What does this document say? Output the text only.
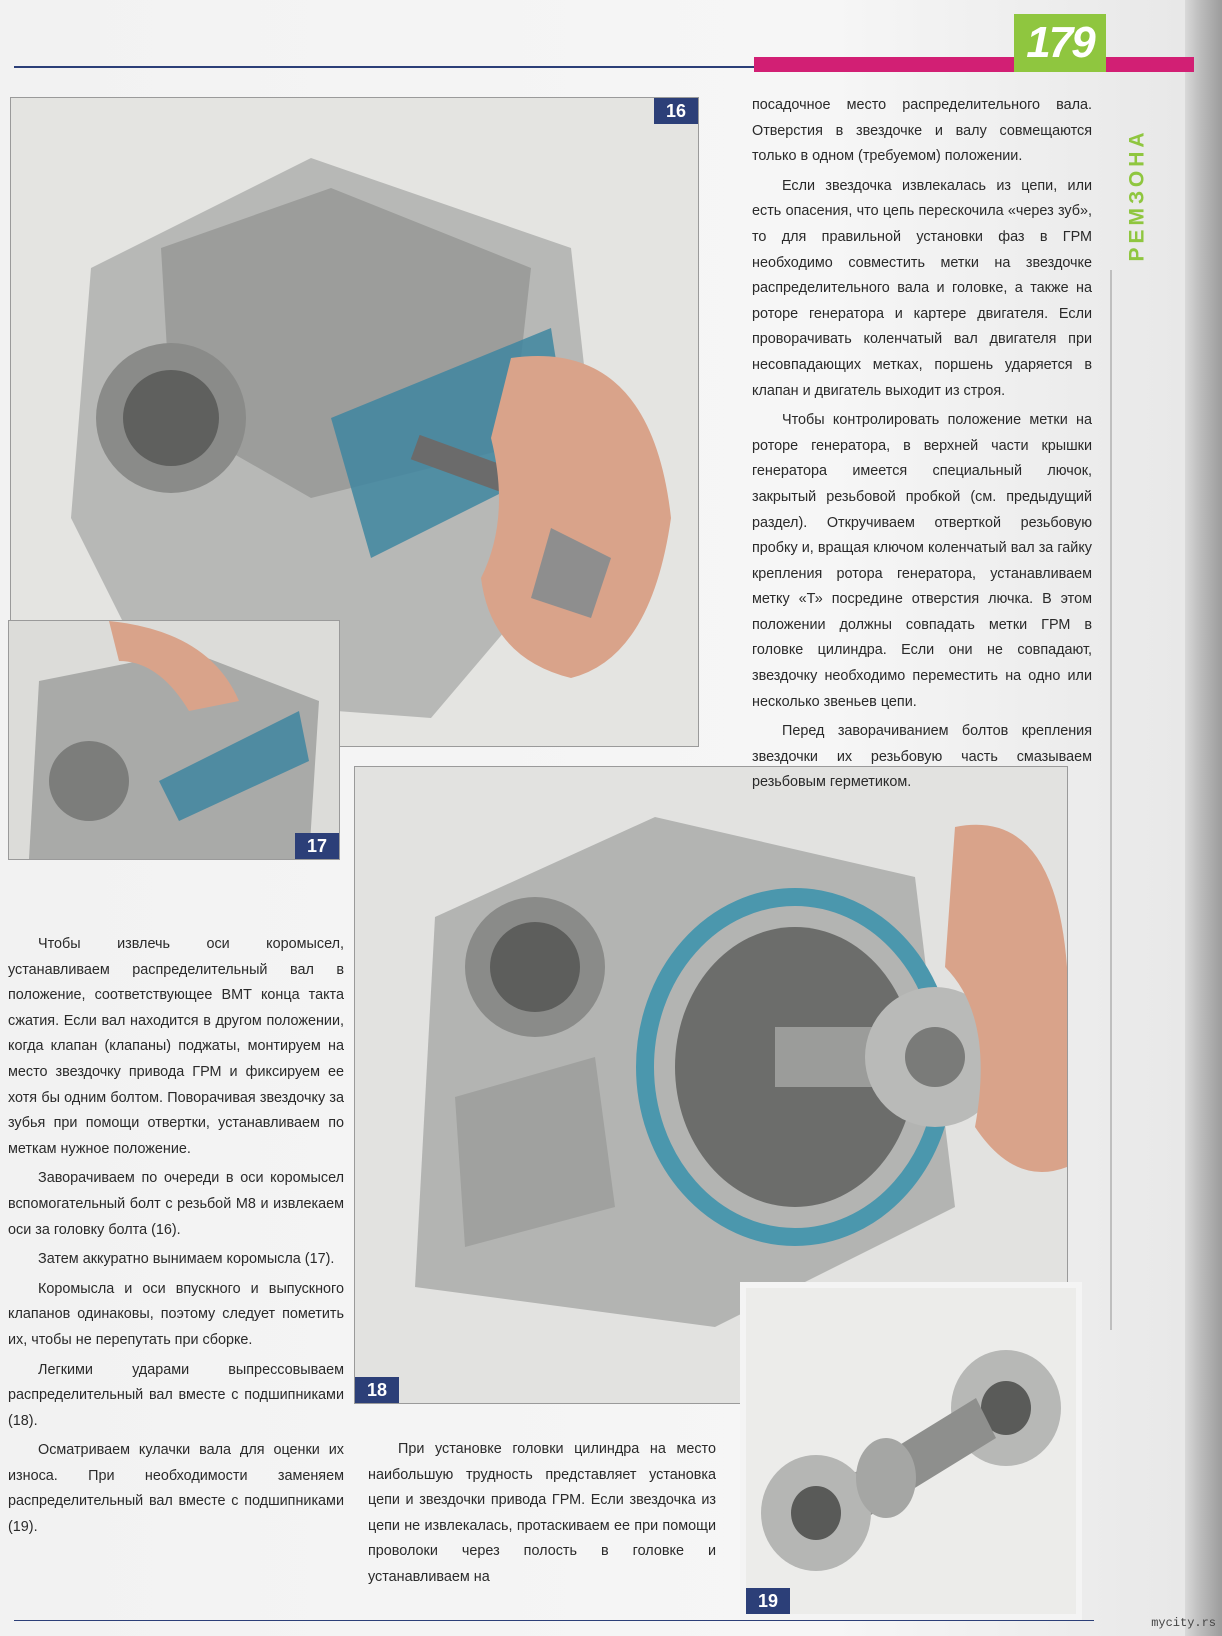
179
РЕМЗОНА
16
17
18
19

посадочное место распределительного вала. Отверстия в звездочке и валу совмещаются только в одном (требуемом) положении.

Если звездочка извлекалась из цепи, или есть опасения, что цепь перескочила «через зуб», то для правильной установки фаз в ГРМ необходимо совместить метки на звездочке распределительного вала и головке, а также на роторе генератора и картере двигателя. Если проворачивать коленчатый вал двигателя при несовпадающих метках, поршень ударяется в клапан и двигатель выходит из строя.

Чтобы контролировать положение метки на роторе генератора, в верхней части крышки генератора имеется специальный лючок, закрытый резьбовой пробкой (см. предыдущий раздел). Откручиваем отверткой резьбовую пробку и, вращая ключом коленчатый вал за гайку крепления ротора генератора, устанавливаем метку «Т» посредине отверстия лючка. В этом положении должны совпадать метки ГРМ в головке цилиндра. Если они не совпадают, звездочку необходимо переместить на одно или несколько звеньев цепи.

Перед заворачиванием болтов крепления звездочки их резьбовую часть смазываем резьбовым герметиком.

Чтобы извлечь оси коромысел, устанавливаем распределительный вал в положение, соответствующее ВМТ конца такта сжатия. Если вал находится в другом положении, когда клапан (клапаны) поджаты, монтируем на место звездочку привода ГРМ и фиксируем ее хотя бы одним болтом. Поворачивая звездочку за зубья при помощи отвертки, устанавливаем по меткам нужное положение.

Заворачиваем по очереди в оси коромысел вспомогательный болт с резьбой М8 и извлекаем оси за головку болта (16).

Затем аккуратно вынимаем коромысла (17).

Коромысла и оси впускного и выпускного клапанов одинаковы, поэтому следует пометить их, чтобы не перепутать при сборке.

Легкими ударами выпрессовываем распределительный вал вместе с подшипниками (18).

Осматриваем кулачки вала для оценки их износа. При необходимости заменяем распределительный вал вместе с подшипниками (19).

При установке головки цилиндра на место наибольшую трудность представляет установка цепи и звездочки привода ГРМ. Если звездочка из цепи не извлекалась, протаскиваем ее при помощи проволоки через полость в головке и устанавливаем на

mycity.rs
